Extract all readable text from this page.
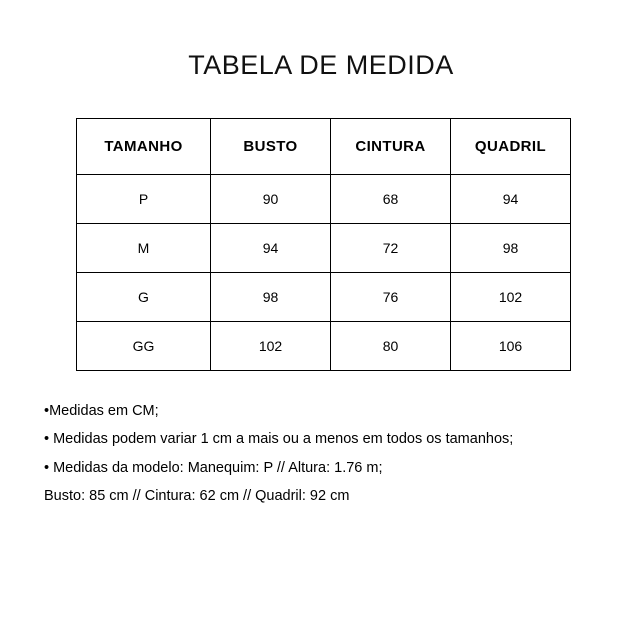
TABELA DE MEDIDA
TAMANHO	BUSTO	CINTURA	QUADRIL
P	90	68	94
M	94	72	98
G	98	76	102
GG	102	80	106
•Medidas em CM;
• Medidas podem variar 1 cm a mais ou a menos em todos os tamanhos;
• Medidas da modelo: Manequim: P // Altura: 1.76 m;
Busto: 85 cm // Cintura: 62 cm // Quadril: 92 cm
